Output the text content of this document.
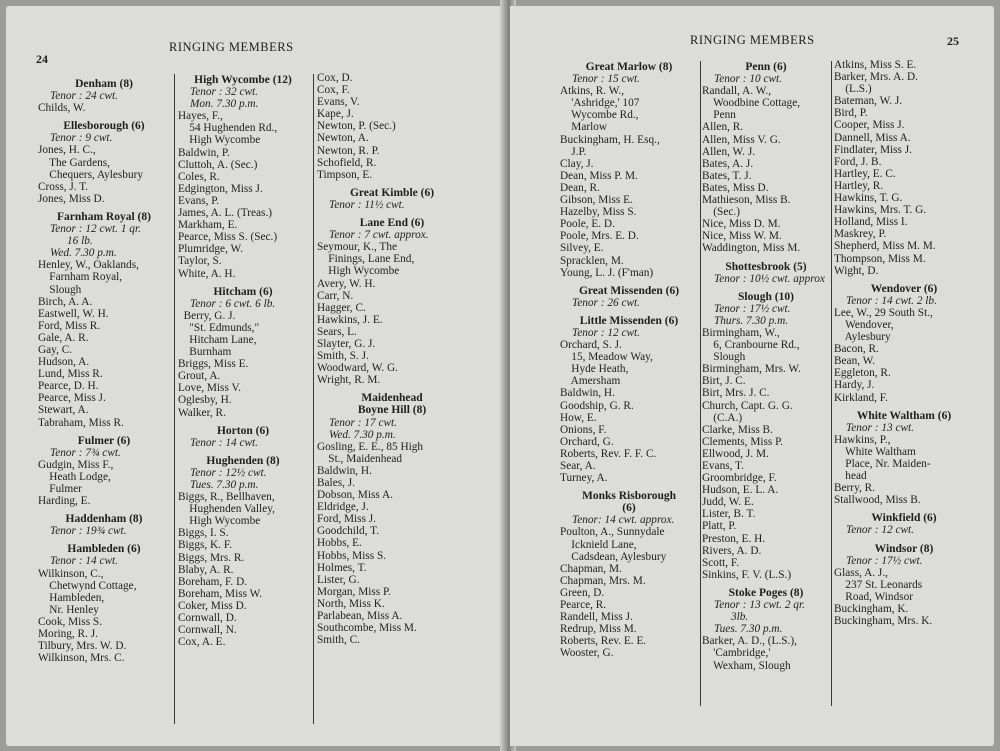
24
RINGING MEMBERS
Denham (8)
Tenor : 24 cwt.
Childs, W.
Ellesborough (6)
Tenor : 9 cwt.
Jones, H. C.,
The Gardens,
Chequers, Aylesbury
Cross, J. T.
Jones, Miss D.
Farnham Royal (8)
Tenor : 12 cwt. 1 qr.
16 lb.
Wed. 7.30 p.m.
Henley, W., Oaklands,
Farnham Royal,
Slough
Birch, A. A.
Eastwell, W. H.
Ford, Miss R.
Gale, A. R.
Gay, C.
Hudson, A.
Lund, Miss R.
Pearce, D. H.
Pearce, Miss J.
Stewart, A.
Tabraham, Miss R.
Fulmer (6)
Tenor : 7¾ cwt.
Gudgin, Miss F.,
Heath Lodge,
Fulmer
Harding, E.
Haddenham (8)
Tenor : 19¾ cwt.
Hambleden (6)
Tenor : 14 cwt.
Wilkinson, C.,
Chetwynd Cottage,
Hambleden,
Nr. Henley
Cook, Miss S.
Moring, R. J.
Tilbury, Mrs. W. D.
Wilkinson, Mrs. C.
High Wycombe (12)
Tenor : 32 cwt.
Mon. 7.30 p.m.
Hayes, F.,
54 Hughenden Rd.,
High Wycombe
Baldwin, P.
Cluttoh, A. (Sec.)
Coles, R.
Edgington, Miss J.
Evans, P.
James, A. L. (Treas.)
Markham, E.
Pearce, Miss S. (Sec.)
Plumridge, W.
Taylor, S.
White, A. H.
Hitcham (6)
Tenor : 6 cwt. 6 lb.
Berry, G. J.
"St. Edmunds,"
Hitcham Lane,
Burnham
Briggs, Miss E.
Grout, A.
Love, Miss V.
Oglesby, H.
Walker, R.
Horton (6)
Tenor : 14 cwt.
Hughenden (8)
Tenor : 12½ cwt.
Tues. 7.30 p.m.
Biggs, R., Bellhaven,
Hughenden Valley,
High Wycombe
Biggs, I. S.
Biggs, K. F.
Biggs, Mrs. R.
Blaby, A. R.
Boreham, F. D.
Boreham, Miss W.
Coker, Miss D.
Cornwall, D.
Cornwall, N.
Cox, A. E.
Cox, D.
Cox, F.
Evans, V.
Kape, J.
Newton, P. (Sec.)
Newton, A.
Newton, R. P.
Schofield, R.
Timpson, E.
Great Kimble (6)
Tenor : 11½ cwt.
Lane End (6)
Tenor : 7 cwt. approx.
Seymour, K., The
Finings, Lane End,
High Wycombe
Avery, W. H.
Carr, N.
Hagger, C.
Hawkins, J. E.
Sears, L.
Slayter, G. J.
Smith, S. J.
Woodward, W. G.
Wright, R. M.
Maidenhead
Boyne Hill (8)
Tenor : 17 cwt.
Wed. 7.30 p.m.
Gosling, E. E., 85 High
St., Maidenhead
Baldwin, H.
Bales, J.
Dobson, Miss A.
Eldridge, J.
Ford, Miss J.
Goodchild, T.
Hobbs, E.
Hobbs, Miss S.
Holmes, T.
Lister, G.
Morgan, Miss P.
North, Miss K.
Parlabean, Miss A.
Southcombe, Miss M.
Smith, C.
25
RINGING MEMBERS
Great Marlow (8)
Tenor : 15 cwt.
Atkins, R. W.,
'Ashridge,' 107
Wycombe Rd.,
Marlow
Buckingham, H. Esq.,
J.P.
Clay, J.
Dean, Miss P. M.
Dean, R.
Gibson, Miss E.
Hazelby, Miss S.
Poole, E. D.
Poole, Mrs. E. D.
Silvey, E.
Spracklen, M.
Young, L. J. (F'man)
Great Missenden (6)
Tenor : 26 cwt.
Little Missenden (6)
Tenor : 12 cwt.
Orchard, S. J.
15, Meadow Way,
Hyde Heath,
Amersham
Baldwin, H.
Goodship, G. R.
How, E.
Onions, F.
Orchard, G.
Roberts, Rev. F. F. C.
Sear, A.
Turney, A.
Monks Risborough
(6)
Tenor: 14 cwt. approx.
Poulton, A., Sunnydale
Icknield Lane,
Cadsdean, Aylesbury
Chapman, M.
Chapman, Mrs. M.
Green, D.
Pearce, R.
Randell, Miss J.
Redrup, Miss M.
Roberts, Rev. E. E.
Wooster, G.
Penn (6)
Tenor : 10 cwt.
Randall, A. W.,
Woodbine Cottage,
Penn
Allen, R.
Allen, Miss V. G.
Allen, W. J.
Bates, A. J.
Bates, T. J.
Bates, Miss D.
Mathieson, Miss B.
(Sec.)
Nice, Miss D. M.
Nice, Miss W. M.
Waddington, Miss M.
Shottesbrook (5)
Tenor : 10½ cwt. approx
Slough (10)
Tenor : 17½ cwt.
Thurs. 7.30 p.m.
Birmingham, W.,
6, Cranbourne Rd.,
Slough
Birmingham, Mrs. W.
Birt, J. C.
Birt, Mrs. J. C.
Church, Capt. G. G.
(C.A.)
Clarke, Miss B.
Clements, Miss P.
Ellwood, J. M.
Evans, T.
Groombridge, F.
Hudson, E. L. A.
Judd, W. E.
Lister, B. T.
Platt, P.
Preston, E. H.
Rivers, A. D.
Scott, F.
Sinkins, F. V. (L.S.)
Stoke Poges (8)
Tenor : 13 cwt. 2 qr.
3lb.
Tues. 7.30 p.m.
Barker, A. D., (L.S.),
'Cambridge,'
Wexham, Slough
Atkins, Miss S. E.
Barker, Mrs. A. D.
(L.S.)
Bateman, W. J.
Bird, P.
Cooper, Miss J.
Dannell, Miss A.
Findlater, Miss J.
Ford, J. B.
Hartley, E. C.
Hartley, R.
Hawkins, T. G.
Hawkins, Mrs. T. G.
Holland, Miss I.
Maskrey, P.
Shepherd, Miss M. M.
Thompson, Miss M.
Wight, D.
Wendover (6)
Tenor : 14 cwt. 2 lb.
Lee, W., 29 South St.,
Wendover,
Aylesbury
Bacon, R.
Bean, W.
Eggleton, R.
Hardy, J.
Kirkland, F.
White Waltham (6)
Tenor : 13 cwt.
Hawkins, P.,
White Waltham
Place, Nr. Maiden-
head
Berry, R.
Stallwood, Miss B.
Winkfield (6)
Tenor : 12 cwt.
Windsor (8)
Tenor : 17½ cwt.
Glass, A. J.,
237 St. Leonards
Road, Windsor
Buckingham, K.
Buckingham, Mrs. K.
